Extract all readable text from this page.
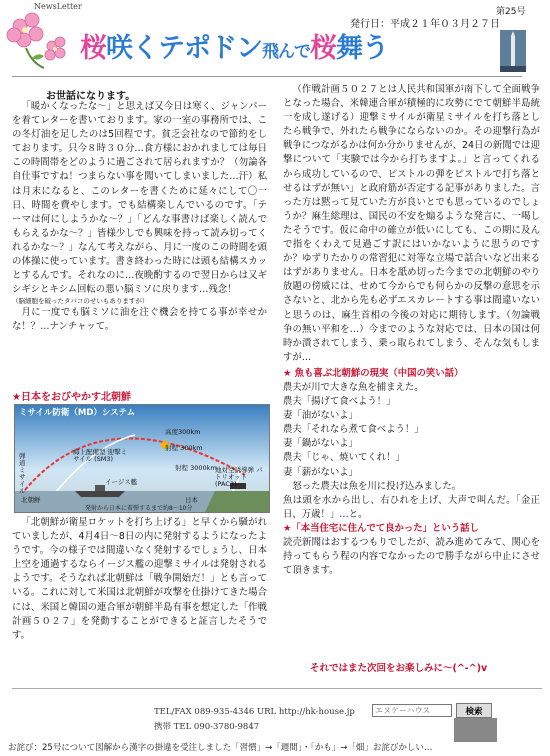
NewsLetter
第25号
発行日：平成２１年０３月２７日
桜咲くテポドン飛んで桜舞う
お世話になります。

「暖かくなったな～」と思えば又今日は寒く、ジャンパーを着てレターを書いております。家の一室の事務所では、この冬灯油を足したのは5回程です。貧乏会社なので節約をしております。只今８時３０分…食方様におかれましては毎日この時間帯をどのように過ごされて居られますか？（勿論各自仕事ですね！つまらない事を聞いてしまいました…汗）私は月末になると、このレターを書くために延々にして〇一日、時間を費やします。でも結構楽しんでいるのです。「テーマは何にしようかな～？」「どんな事書けば楽しく読んでもらえるかな～？」皆様少しでも興味を持って読み切ってくれるかな～？」なんて考えながら、月に一度のこの時間を頭の体操に使っています。書き終わった時には頭も結構スカッとするんです。それなのに…夜晩酌するので翌日からは又ギシギシとキシム回転の悪い脳ミソに戻ります…残念！

（脳細胞を破ったタバコのせいもありますが）

月に一度でも脳ミソに油を注ぐ機会を持てる事が幸せかな！？…ナンチャッて。

★日本をおびやかす北朝鮮
ミサイル防衛（MD）システム
高度300km
射程 300km
海上配備型 迎撃ミサイル (SM3)
射程 3000km
イージス艦
地対空誘導弾 パトリオット (PAC3)
北朝鮮	日本
弾道ミサイル
発射から日本に着弾するまで約8～10分

「北朝鮮が衛星ロケットを打ち上げる」と早くから騒がれていましたが、4月4日～8日の内に発射するようになったようです。今の様子では間違いなく発射するでしょうし、日本上空を通過するならイージス艦の迎撃ミサイルは発射されるようです。そうなれば北朝鮮は「戦争開始だ！」とも言っている。これに対して米国は北朝鮮が攻撃を仕掛けてきた場合には、米国と韓国の連合軍が朝鮮半島有事を想定した「作戦計画５０２７」を発動することができると証言したそうです。

（作戦計画５０２７とは人民共和国軍が南下して全面戦争となった場合、米韓連合軍が積極的に攻勢にでて朝鮮半島統一を成し遂げる）迎撃ミサイルが衛星ミサイルを打ち落としたら戦争で、外れたら戦争にならないのか。その迎撃行為が戦争につながるかは何か分かりませんが、24日の新聞では迎撃について「実験では今から打ちますよ。」と言ってくれるから成功しているので、ピストルの弾をピストルで打ち落とせるはずが無い」と政府筋が否定する記事がありました。言った方は黙って見ていた方が良いとでも思っているのでしょうか？麻生総理は、国民の不安を煽るような発言に、一喝したそうです。仮に命中の確立が低いにしても、この期に及んで指をくわえて見過ごす訳にはいかないように思うのですか？ゆずりたかりの常習犯に対等な立場で話合いなど出来るはずがありません。日本を舐め切った今までの北朝鮮のやり放題の傍威には、せめて今からでも何らかの反撃の意思を示さないと、北から先も必ずエスカレートする事は間違いないと思うのは、麻生首相の今後の対応に期待します。（勿論戦争の無い平和を…）今までのような対応では、日本の国は何時か潰されてしまう、乗っ取られてしまう、そんな気もしますが…

★ 魚も喜ぶ北朝鮮の現実（中国の笑い話）

農夫が川で大きな魚を捕まえた。

農夫「揚げて食べよう！」

妻「油がないよ」

農夫「それなら煮て食べよう！」

妻「鍋がないよ」

農夫「じゃ、焼いてくれ！」

妻「薪がないよ」

怒った農夫は魚を川に投げ込みました。

魚は頭を水から出し、右ひれを上げ、大声で叫んだ。「金正日、万歳！」…と。

★「本当住宅に住んでて良かった」という話し

読売新聞はおするつもりでしたが、読み進めてみて、関心を持ってもらう程の内容でなかったので勝手ながら中止にさせて頂きます。

それではまた次回をお楽しみに～(^-^)v
TEL/FAX 089-935-4346 URL http://hk-house.jp
携帯 TEL 090-3780-9847
エヌケーハウス
検索
お詫び：25号について図解から漢字の掛違を受注しました「習慣」→「週間」・「かも」→「畑」お詫びかしい…
